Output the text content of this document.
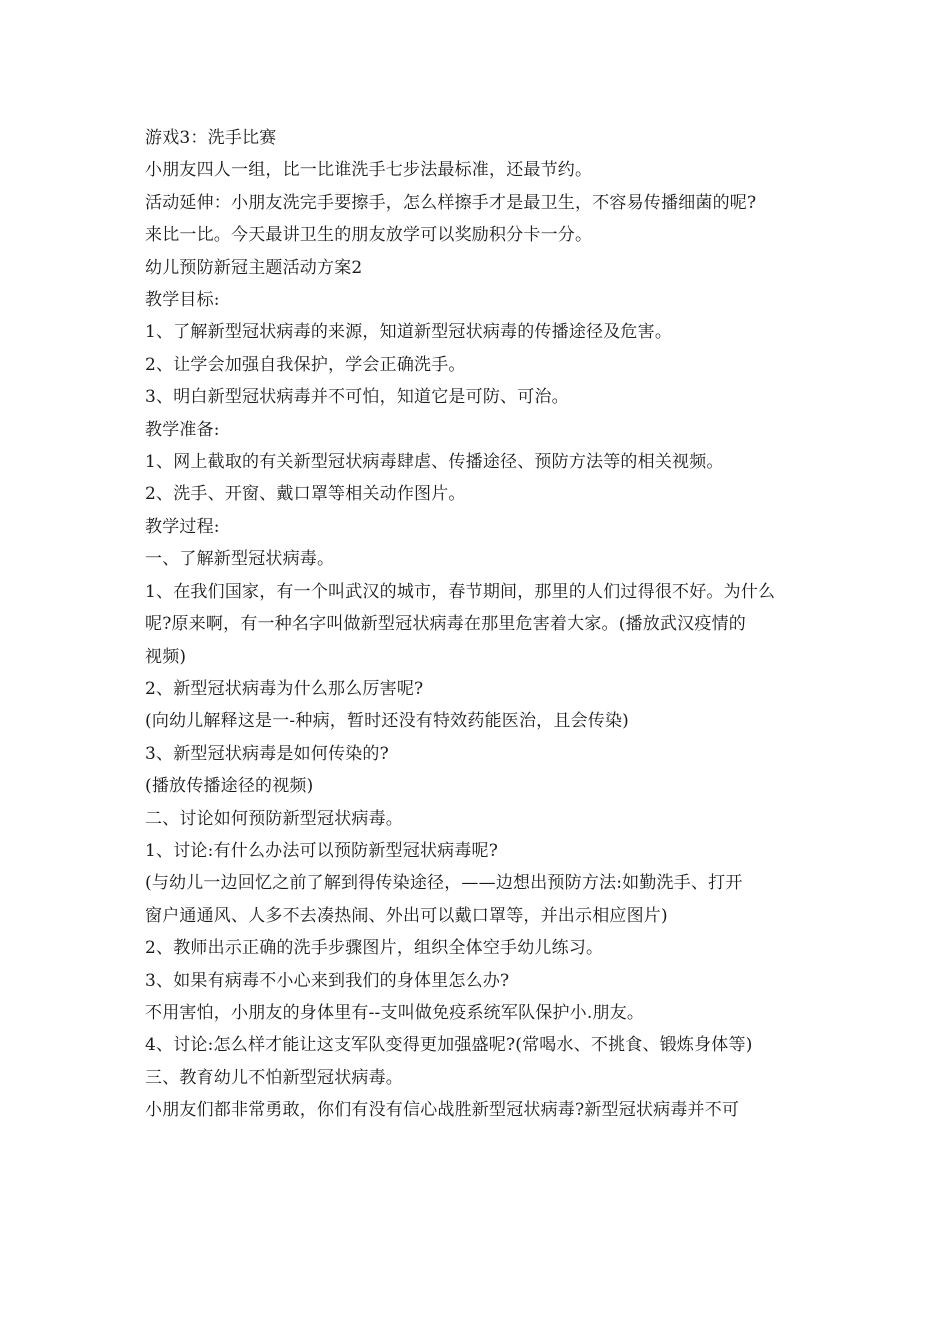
游戏3：洗手比赛
小朋友四人一组，比一比谁洗手七步法最标准，还最节约。
活动延伸：小朋友洗完手要擦手，怎么样擦手才是最卫生，不容易传播细菌的呢?
来比一比。今天最讲卫生的朋友放学可以奖励积分卡一分。
幼儿预防新冠主题活动方案2
教学目标:
1、了解新型冠状病毒的来源，知道新型冠状病毒的传播途径及危害。
2、让学会加强自我保护，学会正确洗手。
3、明白新型冠状病毒并不可怕，知道它是可防、可治。
教学准备:
1、网上截取的有关新型冠状病毒肆虐、传播途径、预防方法等的相关视频。
2、洗手、开窗、戴口罩等相关动作图片。
教学过程:
一、了解新型冠状病毒。
1、在我们国家，有一个叫武汉的城市，春节期间，那里的人们过得很不好。为什么
呢?原来啊，有一种名字叫做新型冠状病毒在那里危害着大家。(播放武汉疫情的
视频)
2、新型冠状病毒为什么那么厉害呢?
(向幼儿解释这是一-种病，暂时还没有特效药能医治，且会传染)
3、新型冠状病毒是如何传染的?
(播放传播途径的视频)
二、讨论如何预防新型冠状病毒。
1、讨论:有什么办法可以预防新型冠状病毒呢?
(与幼儿一边回忆之前了解到得传染途径，——边想出预防方法:如勤洗手、打开
窗户通通风、人多不去凑热闹、外出可以戴口罩等，并出示相应图片)
2、教师出示正确的洗手步骤图片，组织全体空手幼儿练习。
3、如果有病毒不小心来到我们的身体里怎么办?
不用害怕，小朋友的身体里有--支叫做免疫系统军队保护小.朋友。
4、讨论:怎么样才能让这支军队变得更加强盛呢?(常喝水、不挑食、锻炼身体等)
三、教育幼儿不怕新型冠状病毒。
小朋友们都非常勇敢，你们有没有信心战胜新型冠状病毒?新型冠状病毒并不可
